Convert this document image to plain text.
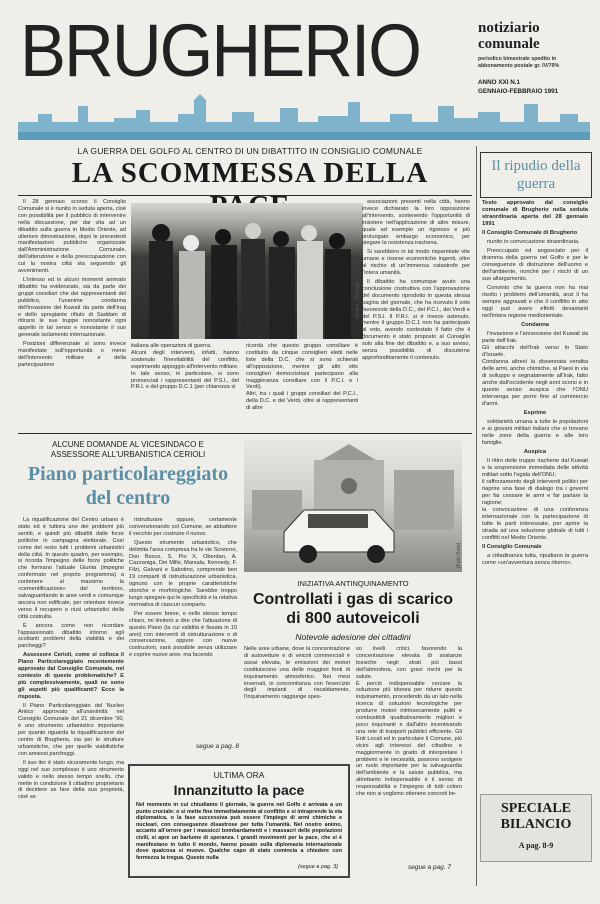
BRUGHERIO	notiziario
comunale
periodico bimestrale spedito in abbonamento postale gr. IV/70%
ANNO XXI N.1
GENNAIO-FEBBRAIO 1991
LA GUERRA DEL GOLFO AL CENTRO DI UN DIBATTITO IN CONSIGLIO COMUNALE
LA SCOMMESSA DELLA

Il 28 gennaio scorso il Consiglio Comunale si è riunito in seduta aperta, cioè con possibilità per il pubblico di intervenire nella discussione, per dar vita ad un dibattito sulla guerra in Medio Oriente, ad ulteriore dimostrazione, dopo le precedenti manifestazioni pubbliche organizzate dall'Amministrazione Comunale, dell'attenzione e della preoccupazione con cui la nostra città sta seguendo gli avvenimenti.

L'intesso ed in alcuni momenti animato dibattito ha evidenziato, sia da parte dei gruppi consiliari che dei rappresentanti del pubblico, l'unanime condanna dell'invasione del Kuwait da parte dell'Iraq e dello spregiante rifiuto di Saddam di ritirarsi le sue truppe nonostante ogni appello in tal senso e nonostante il suo generale isolamento internazionale.

Posizioni differenziate si sono invece manifestate sull'opportunità o meno dell'intervento militare e della partecipazione

(Foto L. Riboldi)
italiana alle operazioni di guerra.
Alcuni degli interventi, infatti, hanno sostenuto l'inevitabilità del conflitto, esprimendo appoggio all'intervento militare.
In tale senso, in particolare, si sono pronunciati i rappresentanti del P.S.I., del P.R.I. e del gruppo D.C.1 (per chiarezza si
ricorda che questo gruppo consiliare è costituito da cinque consiglieri eletti nelle liste della D.C. che si sono schierati all'opposizione, mentre gli altri otto consiglieri democristiani partecipano alla maggioranza consiliare con il P.C.I. e i Verdi).
Altri, tra i quali i gruppi consiliari del P.C.I., della D.C. e dei Verdi, oltre ai rappresentanti di altre

associazioni presenti nella città, hanno invece dichiarato la loro opposizione all'intervento, sostenendo l'opportunità di insistere nell'applicazione di altre misure, quale ad esempio un rigoroso e più prolungato embargo economico, per piegare la resistenza irachena.

Si sarebbero in tal modo risparmiate vite umane e risorse economiche ingenti, oltre al rischio di un'immensa catastrofe per l'intera umanità.

Il dibattito ha comunque avuto una conclusione costruttiva con l'approvazione del documento riprodotto in questa stessa pagina del giornale, che ha ricevuto il voto favorevole della D.C., del P.C.I., dei Verdi e del P.S.I. Il P.R.I. si è invece astenuto, mentre il gruppo D.C.1 non ha partecipato al voto, avendo contestato il fatto che il documento è stato proposto al Consiglio solo alla fine del dibattito e, a suo avviso, senza possibilità di discuterne approfonditamente il contenuto.

Il ripudio della guerra

Testo approvato dal consiglio comunale di Brugherio nella seduta straordinaria aperta del 28 gennaio 1991

Il Consiglio Comunale di Brugherio

riunito in convocazione straordinaria.

Preoccupato ed angosciato per il dramma della guerra nel Golfo e per le conseguenze di distruzione dell'uomo e dell'ambiente, nonché per i rischi di un suo allargamento.

Convinto che la guerra non ha mai risolto i problemi dell'umanità, anzi li ha sempre aggravati e che il conflitto in atto oggi può avere effetti devastanti nell'intera regione mediorientale.

Condanna

l'invasione e l'annessione del Kuwait da parte dell'Irak.
Gli attacchi dell'Irak verso lo Stato d'Israele.
Condanna altresì la dissennata vendita delle armi, anche chimiche, ai Paesi in via di sviluppo e segnatamente all'Irak, fatto anche dall'occidente negli anni scorsi e in questo senso auspica che l'ONU intervenga per porre fine al commercio d'armi.

Esprime

solidarietà umana a tutte le popolazioni e ai giovani militari italiani che si trovano nelle zone della guerra e alle loro famiglie.

Auspica

Il ritiro delle truppe irachene dal Kuwait e la sospensione immediata delle attività militari sotto l'egida dell'ONU;
il rafforzamento degli interventi politici per riaprire una fase di dialogo tra i governi per far cessare le armi e far parlare la ragione;
la convocazione di una conferenza internazionale con la partecipazione di tutte le parti interessate, per aprire la strada ad una soluzione globale di tutti i conflitti nel Medio Oriente.

Il Consiglio Comunale

a cittadinanza tutta, ripudiano la guerra come «un'avventura senza ritorno».

SPECIALE
BILANCIO
A pag. 8-9
ALCUNE DOMANDE AL VICESINDACO E
ASSESSORE ALL'URBANISTICA CERIOLI
Piano particolareggiato
del centro

La riqualificazione del Centro urbano è stato ed è tuttora uno dei problemi più sentiti, e quindi più dibattiti dalle forze politiche in campagna elettorale. Così come del resto tutti i problemi urbanistici della città. In questo quadro, per esempio, si ricorda l'impegno delle forze politiche che formano l'attuale Giunta (impegno confermato nel proprio programma) a contenere al massimo la «cementificazione» del territorio, salvaguardando le aree verdi e comunque ancora non edificate, per orientare invece verso il recupero o riusi urbanistici della città costruita.

È ancora come non ricordare l'appassionato dibattito intorno agli scottanti problemi della viabilità e dei parcheggi?

Assessore Cerioli, come si colloca il Piano Particolareggiato recentemente approvato dal Consiglio Comunale, nel contesto di queste problematiche? E più complessivamente, quali ne sono gli aspetti più qualificanti? Ecco la risposta.

Il Piano Particolareggiato del Nucleo Antico approvato all'unanimità nel Consiglio Comunale del 21 dicembre '90, è uno strumento urbanistico importante per quanto riguarda la riqualificazione del centro di Brugherio, sia per le strutture urbanistiche, che per quelle viabilistiche con annessi parcheggi.

Il suo iter è stato sicuramente lungo, ma oggi nel suo complesso è uno strumento valido e nello stesso tempo snello, che mette in condizione il cittadino proprietario di decidere se fare della sua proprietà, cioè se

ristrutturare oppure, certamente convenzionando col Comune, se abbattere il vecchio per costruire il nuovo.

Questo strumento urbanistico, che delimita l'area compresa fra le vie Scivierro, Don Bosco, S. Pio X, Oberdan, A. Cazzaniga, Dei Mille, Marsala, Kennedy, F. Filzi, Galvani e Sabotino, comprende ben 19 comparti di ristrutturazione urbanistica, ognuno con le proprie caratteristiche storiche e morfologiche. Sarebbe troppo lungo spiegare qui le specificità e la relativa normativa di ciascun comparto.

Per essere breve, e nello stesso tempo chiaro, mi limiterò a dire che l'attuazione di questo Piano (la cui validità è fissata in 10 anni) con interventi di ristrutturazione o di conservazione, oppure con nuove costruzioni, sarà possibile senza utilizzare e coprire nuove aree, ma facendo

segue a pag. 8
(Foto Rota)
INIZIATIVA ANTINQUINAMENTO
Controllati i gas di scarico
di 800 autoveicoli
Notevole adesione dei cittadini
Nelle aree urbane, dove la concentrazione di autovetture e di veicoli commerciali è assai elevata, le emissioni dei motori costituiscono una delle maggiori fonti di inquinamento atmosferico. Nei mesi invernali, in concomitanza con l'esercizio degli impianti di riscaldamento, l'inquinamento raggiunge spes-
so livelli critici, favorendo la concentrazione elevata di sostanze tossiche negli strati più bassi dell'atmosfera, con gravi rischi per la salute.
È perciò indispensabile cercare la soluzione più idonea per ridurre questo inquinamento, procedendo da un lato nella ricerca di soluzioni tecnologiche per produrre motori intrinsecamente puliti e combustibili qualitativamente migliori e poco inquinanti e dall'altro incentivando una rete di trasporti pubblici efficiente. Gli Enti Locali ed in particolare il Comune, più vicini agli interessi del cittadino e maggiormente in grado di interpretare i problemi e le necessità, possono svolgere un ruolo importante per la salvaguardia dell'ambiente e la salute pubblica, ma altrettanto indispensabile è il senso di responsabilità e l'impegno di tutti coloro che non si vogliono ottenere concreti be-
segue a pag. 7
ULTIMA ORA
Innanzitutto la pace
Nel momento in cui chiudiamo il giornale, la guerra nel Golfo è arrivata a un punto cruciale: o si mette fine immediatamente al conflitto e si intraprende la via diplomatica, o la fase successiva può essere l'impiego di armi chimiche e nucleari, con conseguenze disastrose per tutta l'umanità. Nel nostro animo, accanto all'orrore per i massicci bombardamenti e i massacri delle popolazioni civili, si apre un barlume di speranza. I grandi movimenti per la pace, che si è manifestano in tutto il mondo, hanno posato sulla diplomazia internazionale dove qualcosa si muove. Qualche capo di stato comincia a chiedere con fermezza la tregua. Questo nulla
(segue a pag. 3)
